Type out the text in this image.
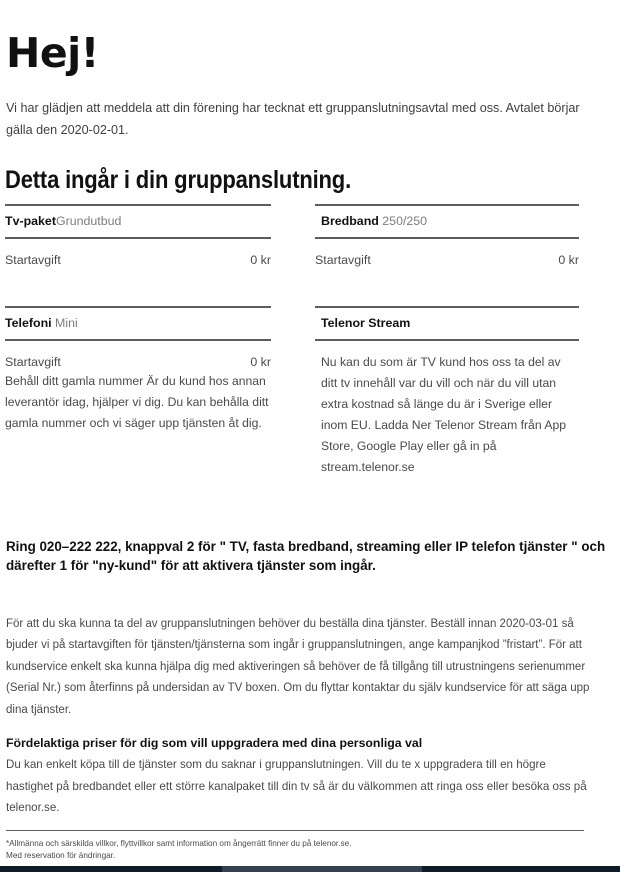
Hej!

Vi har glädjen att meddela att din förening har tecknat ett gruppanslutningsavtal med oss. Avtalet börjar gälla den 2020-02-01.

Detta ingår i din gruppanslutning.
Tv-paketGrundutbud
Startavgift	0 kr
Bredband 250/250
Startavgift	0 kr
Telefoni Mini
Startavgift	0 kr
Behåll ditt gamla nummer Är du kund hos annan leverantör idag, hjälper vi dig. Du kan behålla ditt gamla nummer och vi säger upp tjänsten åt dig.
Telenor Stream
Nu kan du som är TV kund hos oss ta del av ditt tv innehåll var du vill och när du vill utan extra kostnad så länge du är i Sverige eller inom EU. Ladda Ner Telenor Stream från App Store, Google Play eller gå in på stream.telenor.se

Ring 020–222 222, knappval 2 för " TV, fasta bredband, streaming eller IP telefon tjänster " och därefter 1 för "ny-kund" för att aktivera tjänster som ingår.

För att du ska kunna ta del av gruppanslutningen behöver du beställa dina tjänster. Beställ innan 2020-03-01 så bjuder vi på startavgiften för tjänsten/tjänsterna som ingår i gruppanslutningen, ange kampanjkod ”fristart”. För att kundservice enkelt ska kunna hjälpa dig med aktiveringen så behöver de få tillgång till utrustningens serienummer (Serial Nr.) som återfinns på undersidan av TV boxen. Om du flyttar kontaktar du själv kundservice för att säga upp dina tjänster.

Fördelaktiga priser för dig som vill uppgradera med dina personliga val
Du kan enkelt köpa till de tjänster som du saknar i gruppanslutningen. Vill du te x uppgradera till en högre hastighet på bredbandet eller ett större kanalpaket till din tv så är du välkommen att ringa oss eller besöka oss på telenor.se.
*Allmänna och särskilda villkor, flyttvillkor samt information om ångerrätt finner du på telenor.se.
Med reservation för ändringar.
